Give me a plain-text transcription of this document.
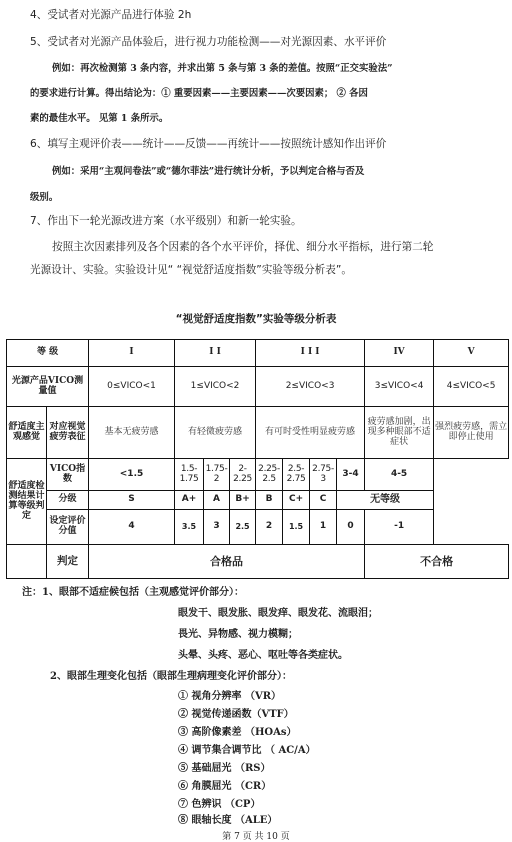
4、受试者对光源产品进行体验 2h
5、受试者对光源产品体验后，进行视力功能检测——对光源因素、水平评价
例如：再次检测第 3 条内容，并求出第 5 条与第 3 条的差值。按照“正交实验法”
的要求进行计算。得出结论为：① 重要因素——主要因素——次要因素； ② 各因
素的最佳水平。 见第 1 条所示。
6、填写主观评价表——统计——反馈——再统计——按照统计感知作出评价
例如：采用“主观问卷法”或“德尔菲法”进行统计分析，予以判定合格与否及
级别。
7、作出下一轮光源改进方案（水平级别）和新一轮实验。
按照主次因素排列及各个因素的各个水平评价，择优、细分水平指标，进行第二轮
光源设计、实验。实验设计见“ “视觉舒适度指数”实验等级分析表”。
“视觉舒适度指数”实验等级分析表
等 级		I	I I			I I I				IV	V
光源产品VICO测量值		0≤VICO<1	1≤VICO<2			2≤VICO<3				3≤VICO<4	4≤VICO<5
舒适度主观感觉	对应视觉疲劳表征	基本无疲劳感	有轻微疲劳感			有可时受性明显疲劳感				疲劳感加剧，出现多种眼部不适症状	强烈疲劳感，需立即停止使用
舒适度检测结果计算等级判定	VICO指数	<1.5	1.5-1.75	1.75-2	2-2.25	2.25-2.5	2.5-2.75	2.75-3	3-4	4-5	
	分级	S	A+	A	B+	B	C+	C	无等级		
	设定评价分值	4	3.5	3	2.5	2	1.5	1	0	-1	
	判定	合格品								不合格	
注：1、眼部不适症候包括（主观感觉评价部分）：
眼发干、眼发胀、眼发痒、眼发花、流眼泪；
畏光、异物感、视力模糊；
头晕、头疼、恶心、呕吐等各类症状。
2、眼部生理变化包括（眼部生理病理变化评价部分）：
① 视角分辨率 （VR）
② 视觉传递函数（VTF）
③ 高阶像素差 （HOAs）
④ 调节集合调节比 （ AC/A）
⑤ 基础屈光 （RS）
⑥ 角膜屈光 （CR）
⑦ 色辨识 （CP）
⑧ 眼轴长度 （ALE）
第 7 页 共 10 页
